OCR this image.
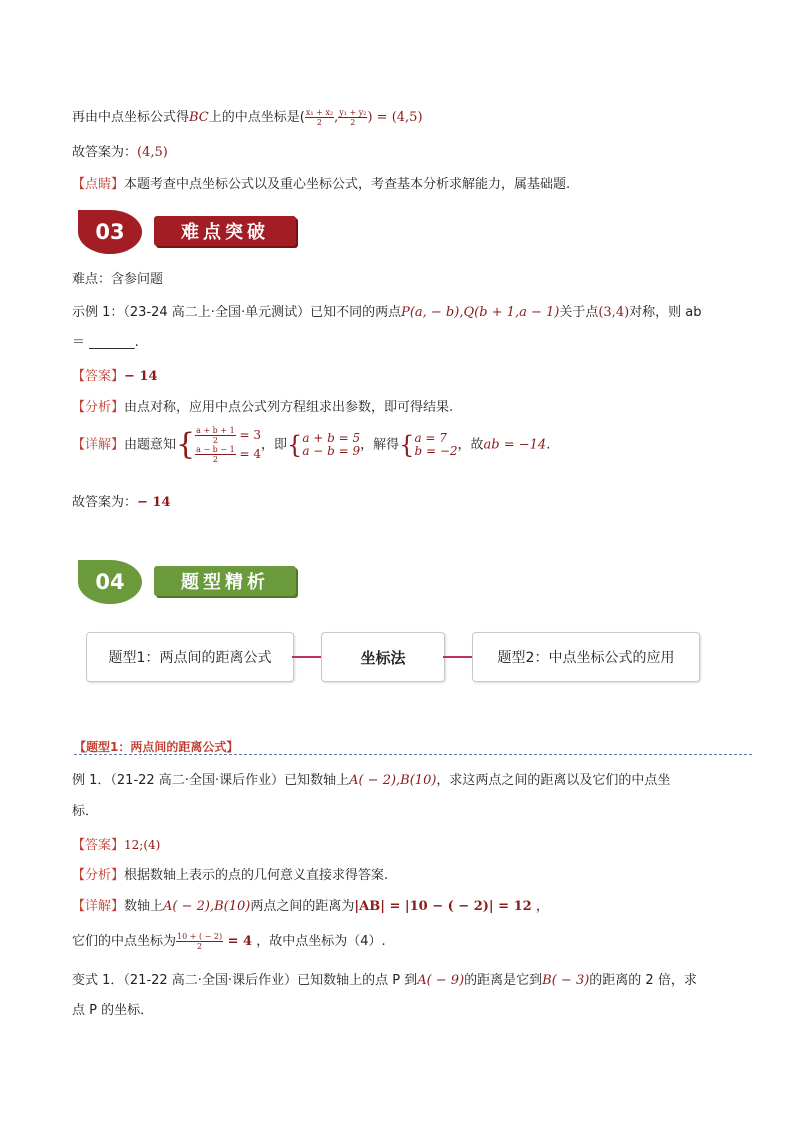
再由中点坐标公式得BC上的中点坐标是( $\frac{\text{x₁ + x₂}}{2}$ , $\frac{\text{y₁ + y₂}}{2}$ ) = (4,5)
故答案为：(4,5)
【点睛】本题考查中点坐标公式以及重心坐标公式，考查基本分析求解能力，属基础题.
03	难点突破
难点：含参问题
示例 1：（23-24 高二上·全国·单元测试）已知不同的两点P(a, − b),Q(b + 1,a − 1)关于点(3,4)对称，则 ab
＝ _______.
【答案】− 14
【分析】由点对称，应用中点公式列方程组求出参数，即可得结果.
【详解】由题意知{ $\frac{a + b + 1}{2} = 3$
$\frac{a - b - 1}{2} = 4$
，即{ a + b = 5
a − b = 9 ，解得{ a = 7
b = −2 ，故ab = −14.
故答案为：− 14
04	题型精析
题型1：两点间的距离公式	坐标法	题型2：中点坐标公式的应用
【题型1：两点间的距离公式】
例 1．（21-22 高二·全国·课后作业）已知数轴上A( − 2),B(10)，求这两点之间的距离以及它们的中点坐
标．
【答案】12;(4)
【分析】根据数轴上表示的点的几何意义直接求得答案.
【详解】数轴上A( − 2),B(10)两点之间的距离为|AB| = |10 − ( − 2)| = 12 ，
它们的中点坐标为 $\frac{10 + ( - 2)}{2} = 4$ ，故中点坐标为（4）.
变式 1．（21-22 高二·全国·课后作业）已知数轴上的点 P 到A( − 9)的距离是它到B( − 3)的距离的 2 倍，求
点 P 的坐标．
